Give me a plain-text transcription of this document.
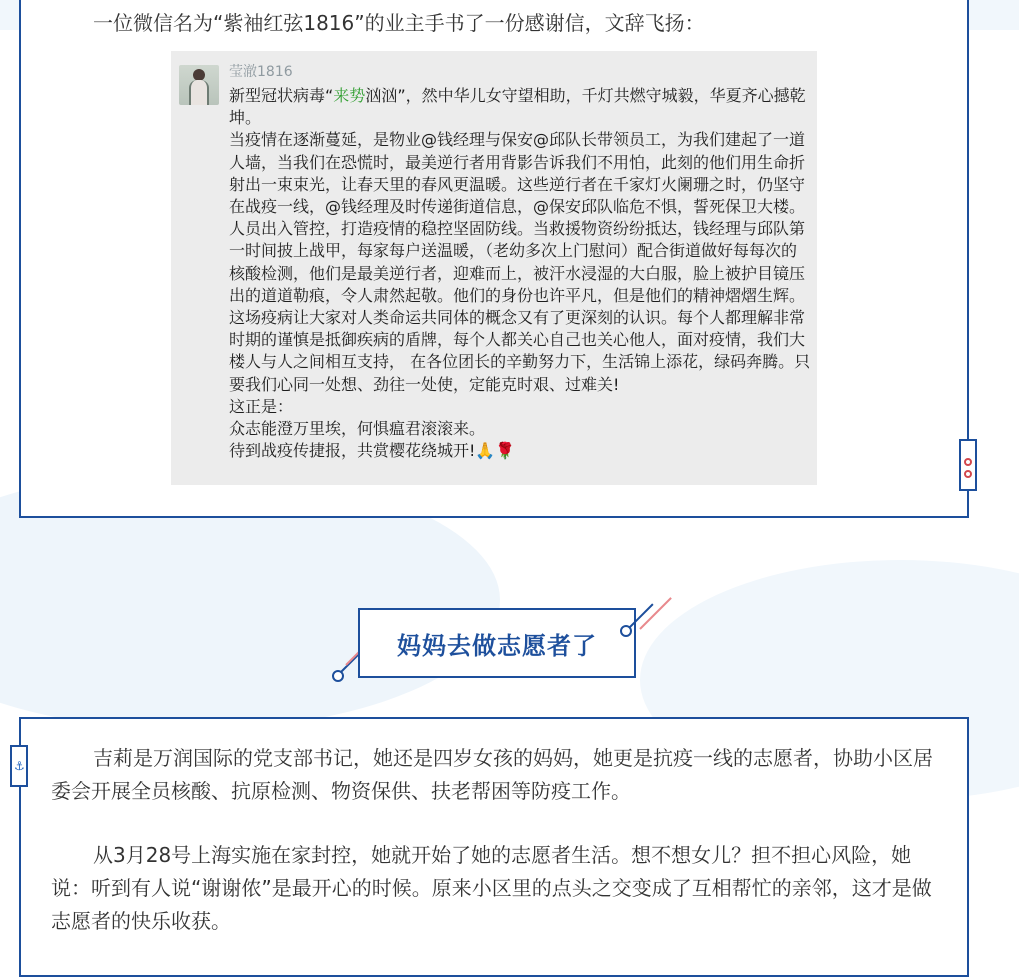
一位微信名为“紫袖红弦1816”的业主手书了一份感谢信，文辞飞扬：
莹澈1816
新型冠状病毒“来势汹汹”，然中华儿女守望相助，千灯共燃守城毅，华夏齐心撼乾坤。
当疫情在逐渐蔓延，是物业@钱经理与保安@邱队长带领员工，为我们建起了一道人墙，当我们在恐慌时，最美逆行者用背影告诉我们不用怕，此刻的他们用生命折射出一束束光，让春天里的春风更温暖。这些逆行者在千家灯火阑珊之时，仍坚守在战疫一线，@钱经理及时传递街道信息，@保安邱队临危不惧，誓死保卫大楼。人员出入管控，打造疫情的稳控坚固防线。当救援物资纷纷抵达，钱经理与邱队第一时间披上战甲，每家每户送温暖，（老幼多次上门慰问）配合街道做好每每次的核酸检测，他们是最美逆行者，迎难而上，被汗水浸湿的大白服，脸上被护目镜压出的道道勒痕，令人肃然起敬。他们的身份也许平凡，但是他们的精神熠熠生辉。这场疫病让大家对人类命运共同体的概念又有了更深刻的认识。每个人都理解非常时期的谨慎是抵御疾病的盾牌，每个人都关心自己也关心他人，面对疫情，我们大楼人与人之间相互支持， 在各位团长的辛勤努力下，生活锦上添花，绿码奔腾。只要我们心同一处想、劲往一处使，定能克时艰、过难关!
这正是：
众志能澄万里埃，何惧瘟君滚滚来。
待到战疫传捷报，共赏樱花绕城开!🙏🌹
妈妈去做志愿者了
⚓	吉莉是万润国际的党支部书记，她还是四岁女孩的妈妈，她更是抗疫一线的志愿者，协助小区居委会开展全员核酸、抗原检测、物资保供、扶老帮困等防疫工作。
从3月28号上海实施在家封控，她就开始了她的志愿者生活。想不想女儿？担不担心风险，她说：听到有人说“谢谢侬”是最开心的时候。原来小区里的点头之交变成了互相帮忙的亲邻，这才是做志愿者的快乐收获。
